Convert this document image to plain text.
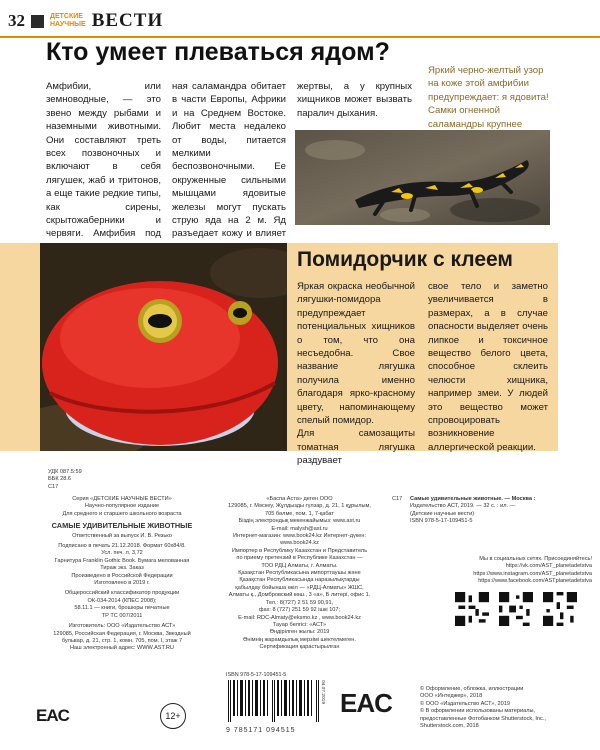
32	ДЕТСКИЕ
НАУЧНЫЕ ВЕСТИ
Кто умеет плеваться ядом?

Амфибии, или земноводные, — это звено между рыбами и наземными животными. Они составляют треть всех позвоночных и включают в себя лягушек, жаб и тритонов, а еще такие редкие типы, как сирены, скрытожаберники и червяги. Амфибия под

ная саламандра обитает в части Европы, Африки и на Среднем Востоке. Любит места недалеко от воды, питается мелкими беспозвоночными. Ее окруженные сильными мышцами ядовитые железы могут пускать струю яда на 2 м. Яд разъедает кожу и влияет

жертвы, а у крупных хищников может вызвать паралич дыхания.

Яркий черно-желтый узор на коже этой амфибии предупреждает: я ядовита! Самки огненной саламандры крупнее
Помидорчик с клеем

Яркая окраска необычной лягушки-помидора предупреждает потенциальных хищников о том, что она несъедобна. Свое название лягушка получила именно благодаря ярко-красному цвету, напоминающему спелый помидор.

Для самозащиты томатная лягушка раздувает

свое тело и заметно увеличивается в размерах, а в случае опасности выделяет очень липкое и токсичное вещество белого цвета, способное склеить челюсти хищника, например змеи. У людей это вещество может спровоцировать возникновение аллергической реакции.

УДК 087.5:59
ББК 28.6
С17
Серия «ДЕТСКИЕ НАУЧНЫЕ ВЕСТИ»
Научно-популярное издание
Для среднего и старшего школьного возраста
САМЫЕ УДИВИТЕЛЬНЫЕ ЖИВОТНЫЕ
Ответственный за выпуск И. В. Резько
Подписано в печать 21.12.2018. Формат 60х84/8.
Усл. печ. л. 3,72
Гарнитура Franklin Gothic Book. Бумага мелованная
Тираж экз. Заказ
Произведено в Российской Федерации
Изготовлено в 2019 г.
Общероссийский классификатор продукции
ОК-034-2014 (КПЕС 2008);
58.11.1 — книги, брошюры печатные
ТР ТС 007/2011
Изготовитель: ООО «Издательство АСТ»
129085, Российская Федерация, г. Москва, Звездный
бульвар, д. 21, стр. 1, комн. 705, пом. I, этаж 7
Наш электронный адрес: WWW.AST.RU
EAC	12+
«Баспа Аста» деген ООО
129085, г. Мәскеу, Жұлдызды гүлзар, д. 21, 1 құрылым,
705 бөлме, пом. 1, 7-қабат
Біздің электрондық мекенжайымыз: www.ast.ru
E-mail: malysh@ast.ru
Интернет-магазин: www.book24.kz Интернет-дүкен:
www.book24.kz
Импортер в Республику Казахстан и Представитель
по приему претензий в Республике Казахстан —
ТОО РДЦ Алматы, г. Алматы.
Қазақстан Республикасына импорттаушы және
Қазақстан Республикасында наразылықтарды
қабылдау бойынша өкіл — «РДЦ-Алматы» ЖШС,
Алматы қ., Домбровский көш., 3 «а», Б литері, офис 1.
Тел.: 8(727) 2 51 59 90,91,
фах: 8 (727) 251 59 92 ішкі 107;
E-mail: RDC-Almaty@eksmo.kz , www.book24.kz
Тауар белгісі: «АСТ»
Өндірілген жылы: 2019
Өнімнің жарамдылық мерзімі шектелмеген.
Сертификация қарастырылған
ISBN 978-5-17-109451-5
9 785171 094515
04.07.2019 EAC
С17	Самые удивительные животные. — Москва :
Издательство АСТ, 2019. — 32 с. : ил. —
(Детские научные вести)
ISBN 978-5-17-109451-5
Мы в социальных сетях. Присоединяйтесь!
https://vk.com/AST_planetadetstva
https://www.instagram.com/AST_planetadetstva
https://www.facebook.com/ASTplanetadetstva
© Оформление, обложка, иллюстрации
ООО «Интеджер», 2018
© ООО «Издательство АСТ», 2019
© В оформлении использованы материалы,
предоставленные Фотобанком Shutterstock, Inc.,
Shutterstock.com, 2018
